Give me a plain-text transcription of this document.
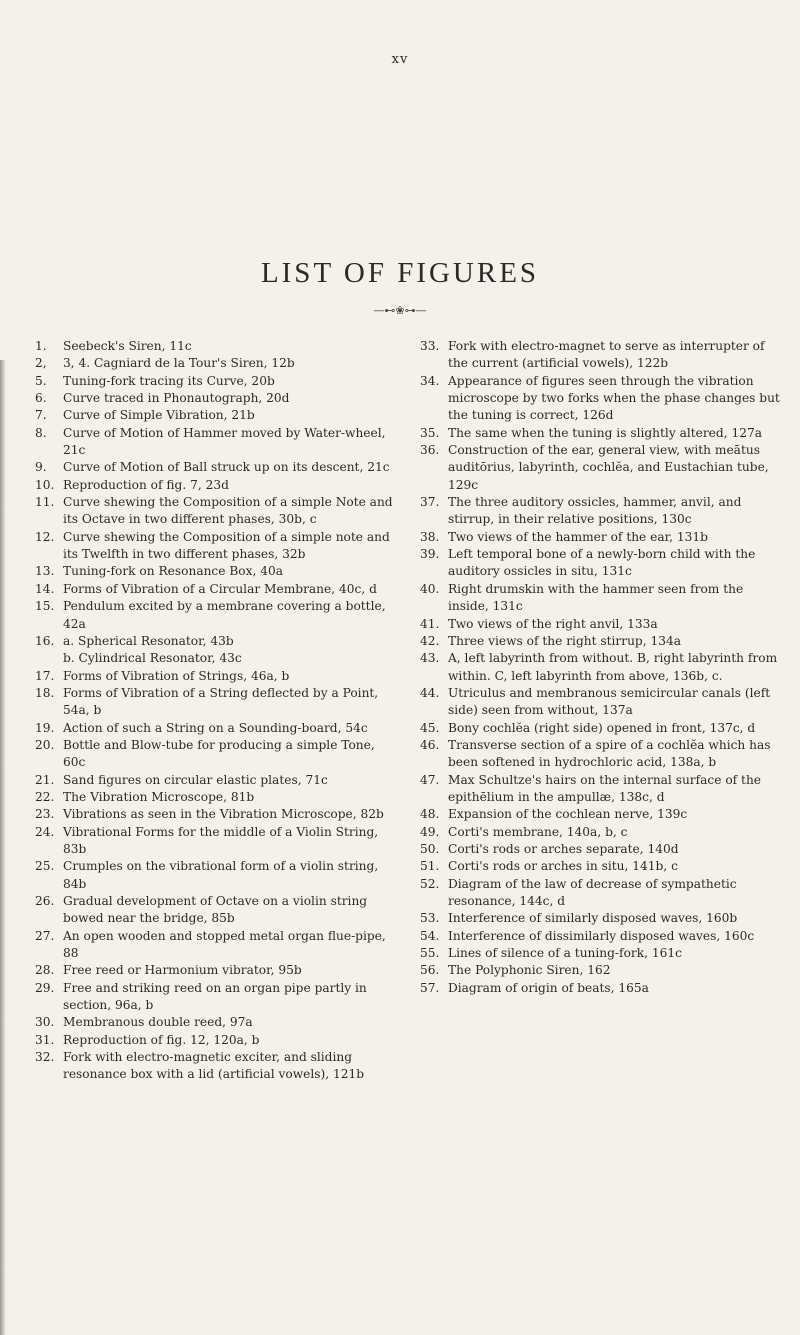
xv
LIST OF FIGURES
—⊷❀⊶—

1. Seebeck's Siren, 11c

2, 3, 4. Cagniard de la Tour's Siren, 12b

5. Tuning-fork tracing its Curve, 20b

6. Curve traced in Phonautograph, 20d

7. Curve of Simple Vibration, 21b

8. Curve of Motion of Hammer moved by Water-wheel, 21c

9. Curve of Motion of Ball struck up on its descent, 21c

10. Reproduction of fig. 7, 23d

11. Curve shewing the Composition of a simple Note and its Octave in two different phases, 30b, c

12. Curve shewing the Composition of a simple note and its Twelfth in two different phases, 32b

13. Tuning-fork on Resonance Box, 40a

14. Forms of Vibration of a Circular Membrane, 40c, d

15. Pendulum excited by a membrane covering a bottle, 42a

16. a. Spherical Resonator, 43b

b. Cylindrical Resonator, 43c

17. Forms of Vibration of Strings, 46a, b

18. Forms of Vibration of a String deflected by a Point, 54a, b

19. Action of such a String on a Sounding-board, 54c

20. Bottle and Blow-tube for producing a simple Tone, 60c

21. Sand figures on circular elastic plates, 71c

22. The Vibration Microscope, 81b

23. Vibrations as seen in the Vibration Microscope, 82b

24. Vibrational Forms for the middle of a Violin String, 83b

25. Crumples on the vibrational form of a violin string, 84b

26. Gradual development of Octave on a violin string bowed near the bridge, 85b

27. An open wooden and stopped metal organ flue-pipe, 88

28. Free reed or Harmonium vibrator, 95b

29. Free and striking reed on an organ pipe partly in section, 96a, b

30. Membranous double reed, 97a

31. Reproduction of fig. 12, 120a, b

32. Fork with electro-magnetic exciter, and sliding resonance box with a lid (artificial vowels), 121b

33. Fork with electro-magnet to serve as interrupter of the current (artificial vowels), 122b

34. Appearance of figures seen through the vibration microscope by two forks when the phase changes but the tuning is correct, 126d

35. The same when the tuning is slightly altered, 127a

36. Construction of the ear, general view, with meātus auditōrius, labyrinth, cochlĕa, and Eustachian tube, 129c

37. The three auditory ossicles, hammer, anvil, and stirrup, in their relative positions, 130c

38. Two views of the hammer of the ear, 131b

39. Left temporal bone of a newly-born child with the auditory ossicles in situ, 131c

40. Right drumskin with the hammer seen from the inside, 131c

41. Two views of the right anvil, 133a

42. Three views of the right stirrup, 134a

43. A, left labyrinth from without. B, right labyrinth from within. C, left labyrinth from above, 136b, c.

44. Utriculus and membranous semicircular canals (left side) seen from without, 137a

45. Bony cochlĕa (right side) opened in front, 137c, d

46. Transverse section of a spire of a cochlĕa which has been softened in hydrochloric acid, 138a, b

47. Max Schultze's hairs on the internal surface of the epithēlium in the ampullæ, 138c, d

48. Expansion of the cochlean nerve, 139c

49. Corti's membrane, 140a, b, c

50. Corti's rods or arches separate, 140d

51. Corti's rods or arches in situ, 141b, c

52. Diagram of the law of decrease of sympathetic resonance, 144c, d

53. Interference of similarly disposed waves, 160b

54. Interference of dissimilarly disposed waves, 160c

55. Lines of silence of a tuning-fork, 161c

56. The Polyphonic Siren, 162

57. Diagram of origin of beats, 165a
